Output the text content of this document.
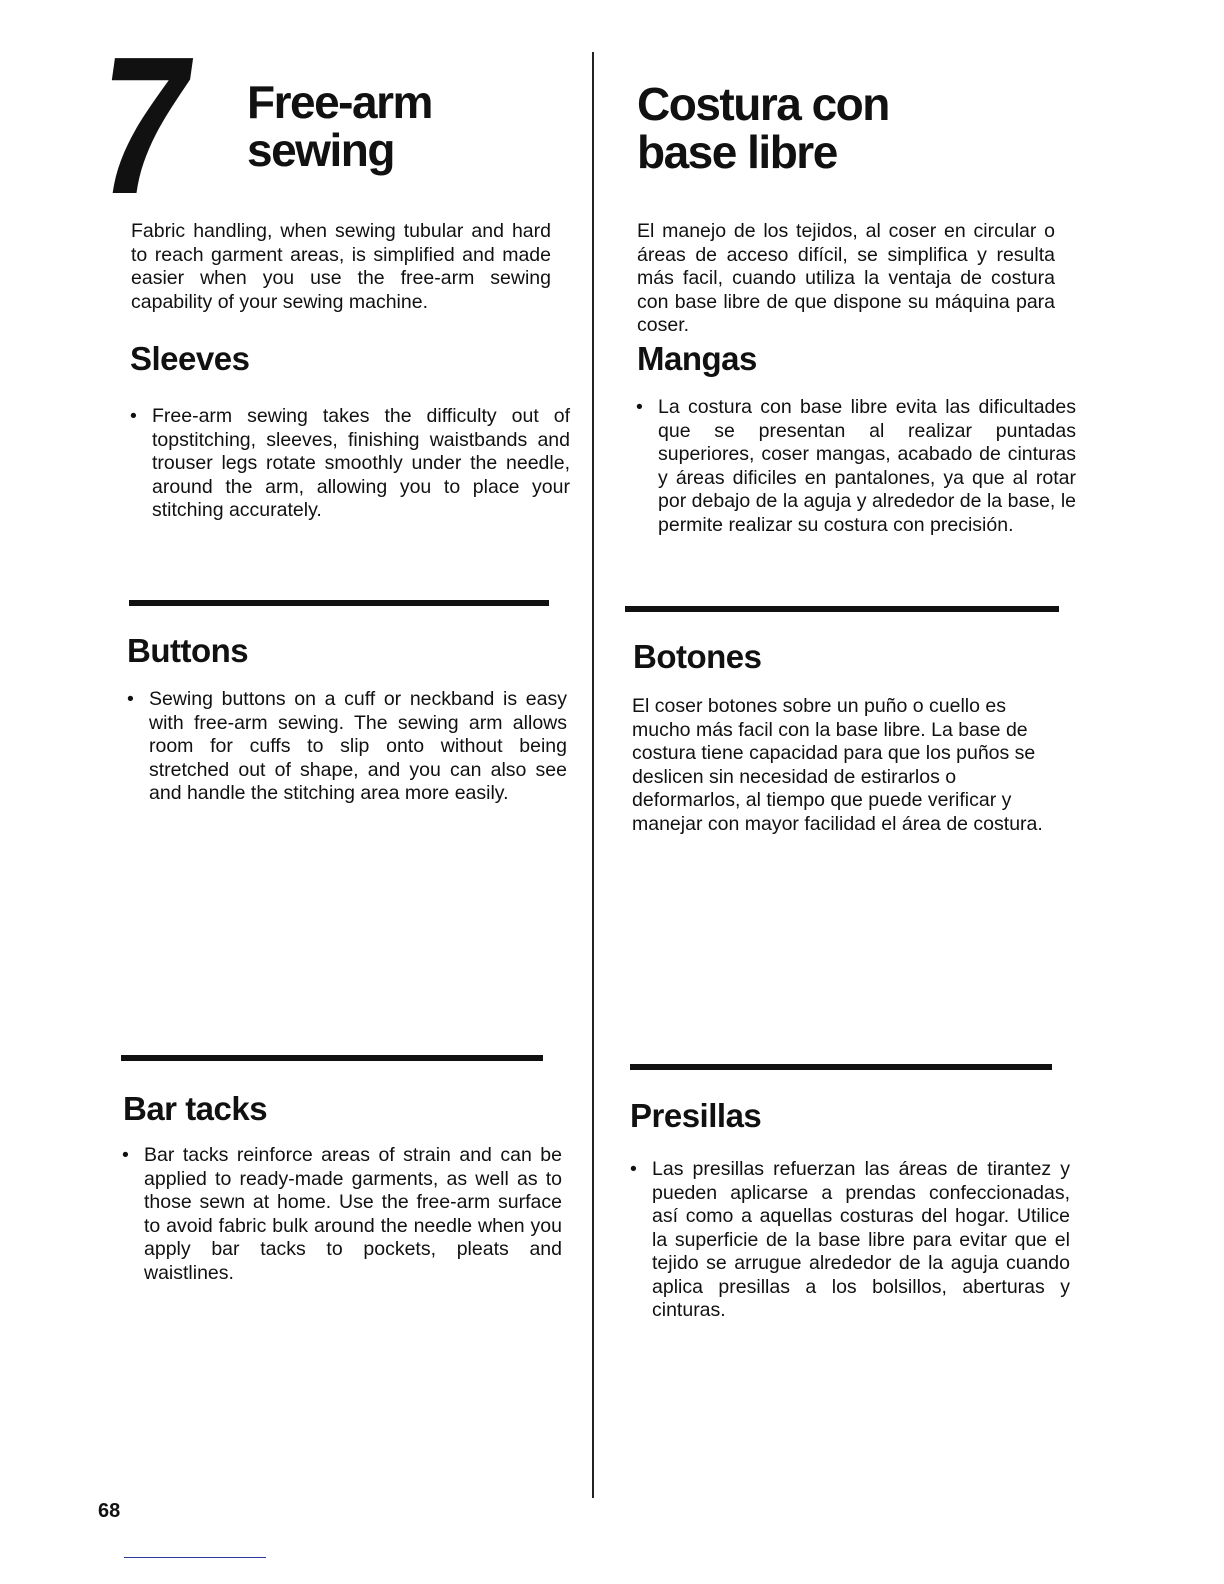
7 Free-arm
sewing

Fabric handling, when sewing tubular and hard to reach garment areas, is simplified and made easier when you use the free-arm sewing capability of your sewing machine.

Sleeves

• Free-arm sewing takes the difficulty out of topstitching, sleeves, finishing waistbands and trouser legs rotate smoothly under the needle, around the arm, allowing you to place your stitching accurately.

Buttons

• Sewing buttons on a cuff or neckband is easy with free-arm sewing. The sewing arm allows room for cuffs to slip onto without being stretched out of shape, and you can also see and handle the stitching area more easily.

Bar tacks

• Bar tacks reinforce areas of strain and can be applied to ready-made garments, as well as to those sewn at home. Use the free-arm surface to avoid fabric bulk around the needle when you apply bar tacks to pockets, pleats and waistlines.

Costura con
base libre

El manejo de los tejidos, al coser en circular o áreas de acceso difícil, se simplifica y resulta más facil, cuando utiliza la ventaja de costura con base libre de que dispone su máquina para coser.

Mangas

• La costura con base libre evita las dificultades que se presentan al realizar puntadas superiores, coser mangas, acabado de cinturas y áreas dificiles en pantalones, ya que al rotar por debajo de la aguja y alrededor de la base, le permite realizar su costura con precisión.

Botones

El coser botones sobre un puño o cuello es mucho más facil con la base libre. La base de costura tiene capacidad para que los puños se deslicen sin necesidad de estirarlos o deformarlos, al tiempo que puede verificar y manejar con mayor facilidad el área de costura.

Presillas

• Las presillas refuerzan las áreas de tirantez y pueden aplicarse a prendas confeccionadas, así como a aquellas costuras del hogar. Utilice la superficie de la base libre para evitar que el tejido se arrugue alrededor de la aguja cuando aplica presillas a los bolsillos, aberturas y cinturas.

68
